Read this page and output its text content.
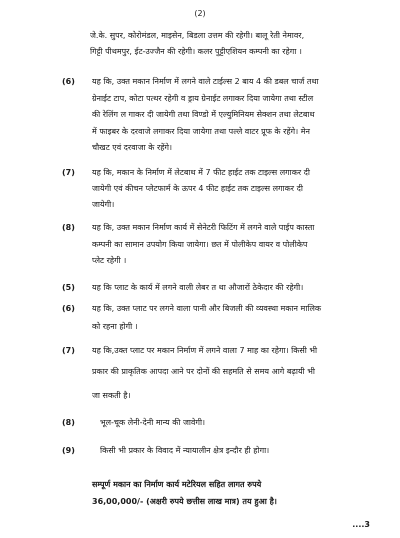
(2)
जे.के. सुपर, कोरोमंडल, माइसेन, बिडला उत्तम की रहेगी। बालू रेती नेमावर,
गिट्टी पीथमपुर, ईट-उज्जैन की रहेगी। कलर पुट्टीएशियन कम्पनी का रहेगा ।
(6) यह कि, उक्त मकान निर्माण में लगने वाले टाईल्स 2 बाय 4 की डबल चार्ज तथा
ग्रेनाईट टाप, कोटा पत्थर रहेगी व ड्राय ग्रेनाईट लगाकर दिया जायेगा तथा स्टील
की रेलिंग ल गाकर दी जायेगी तथा विण्डो में एल्युमिनियम सेक्शन तथा लेटबाथ
में फाइबर के दरवाजे लगाकर दिया जायेगा तथा पल्ले वाटर प्रूफ के रहेंगे। मेन
चौखट एवं दरवाजा के रहेंगे।
(7) यह कि, मकान के निर्माण में लेटबाथ में 7 फीट हाईट तक टाइल्स लगाकर दी
जायेगी एवं कीचन प्लेटफार्म के ऊपर 4 फीट हाईट तक टाइल्स लगाकर दी
जायेगी।
(8) यह कि, उक्त मकान निर्माण कार्य में सेनेटरी फिटिंग में लगने वाले पाईप कास्ता
कम्पनी का सामान उपयोग किया जायेगा। छत में पोलीकेप वायर व पोलीकेप
प्लेट रहेगी ।
(5) यह कि प्लाट के कार्य में लगने वाली लेबर त था औजारों ठेकेदार की रहेगी।
(6) यह कि, उक्त प्लाट पर लगने वाला पानी और बिजली की व्यवस्था मकान मालिक
को रहना होगी ।
(7) यह कि,उक्त प्लाट पर मकान निर्माण में लगने वाला 7 माह का रहेगा। किसी भी
प्रकार की प्राकृतिक आपदा आने पर दोनों की सहमति से समय आगे बढ़ायी भी
जा सकती है।
(8)	भूल-चूक लेनी-देनी मान्य की जावेगी।
(9)	किसी भी प्रकार के विवाद में न्यायालीन क्षेत्र इन्दौर ही होगा।
सम्पूर्ण मकान का निर्माण कार्य मटेरियल सहित लागत रुपये
36,00,000/- (अक्षरी रुपये छत्तीस लाख मात्र) तय हुआ है।
....3
